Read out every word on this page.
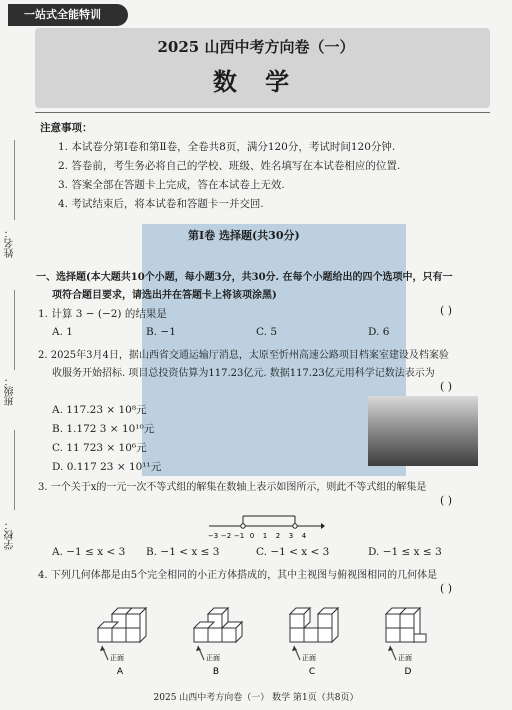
一站式全能特训
2025 山西中考方向卷（一）
数 学
注意事项：
1. 本试卷分第Ⅰ卷和第Ⅱ卷，全卷共8页，满分120分，考试时间120分钟.
2. 答卷前，考生务必将自己的学校、班级、姓名填写在本试卷相应的位置.
3. 答案全部在答题卡上完成，答在本试卷上无效.
4. 考试结束后，将本试卷和答题卡一并交回.
姓名：
班级：
学校：
第Ⅰ卷 选择题(共30分)
一、选择题(本大题共10个小题，每小题3分，共30分. 在每个小题给出的四个选项中，只有一
项符合题目要求，请选出并在答题卡上将该项涂黑)
1. 计算 3 − (−2) 的结果是	( )
A. 1	B. −1	C. 5	D. 6
2. 2025年3月4日，据山西省交通运输厅消息，太原至忻州高速公路项目档案室建设及档案验
收服务开始招标. 项目总投资估算为117.23亿元. 数据117.23亿元用科学记数法表示为
( )
A. 117.23 × 10⁸元
B. 1.172 3 × 10¹⁰元
C. 11 723 × 10⁶元
D. 0.117 23 × 10¹¹元
3. 一个关于x的一元一次不等式组的解集在数轴上表示如图所示，则此不等式组的解集是
( )
−3 −2 −1 0 1 2 3 4
A. −1 ≤ x < 3 B. −1 < x ≤ 3	C. −1 < x < 3	D. −1 ≤ x ≤ 3
4. 下列几何体都是由5个完全相同的小正方体搭成的，其中主视图与俯视图相同的几何体是
( )
正面
A
正面
B
正面
C
正面
D
2025 山西中考方向卷（一） 数学 第1页（共8页）
